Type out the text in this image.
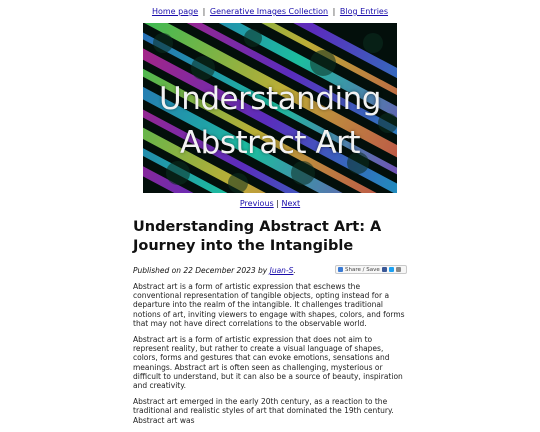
Home page | Generative Images Collection | Blog Entries
Understanding
Abstract Art
Previous | Next
Understanding Abstract Art: A Journey into the Intangible
Published on 22 December 2023 by Juan-S.	Share / Save

Abstract art is a form of artistic expression that eschews the conventional representation of tangible objects, opting instead for a departure into the realm of the intangible. It challenges traditional notions of art, inviting viewers to engage with shapes, colors, and forms that may not have direct correlations to the observable world.

Abstract art is a form of artistic expression that does not aim to represent reality, but rather to create a visual language of shapes, colors, forms and gestures that can evoke emotions, sensations and meanings. Abstract art is often seen as challenging, mysterious or difficult to understand, but it can also be a source of beauty, inspiration and creativity.

Abstract art emerged in the early 20th century, as a reaction to the traditional and realistic styles of art that dominated the 19th century. Abstract art was
